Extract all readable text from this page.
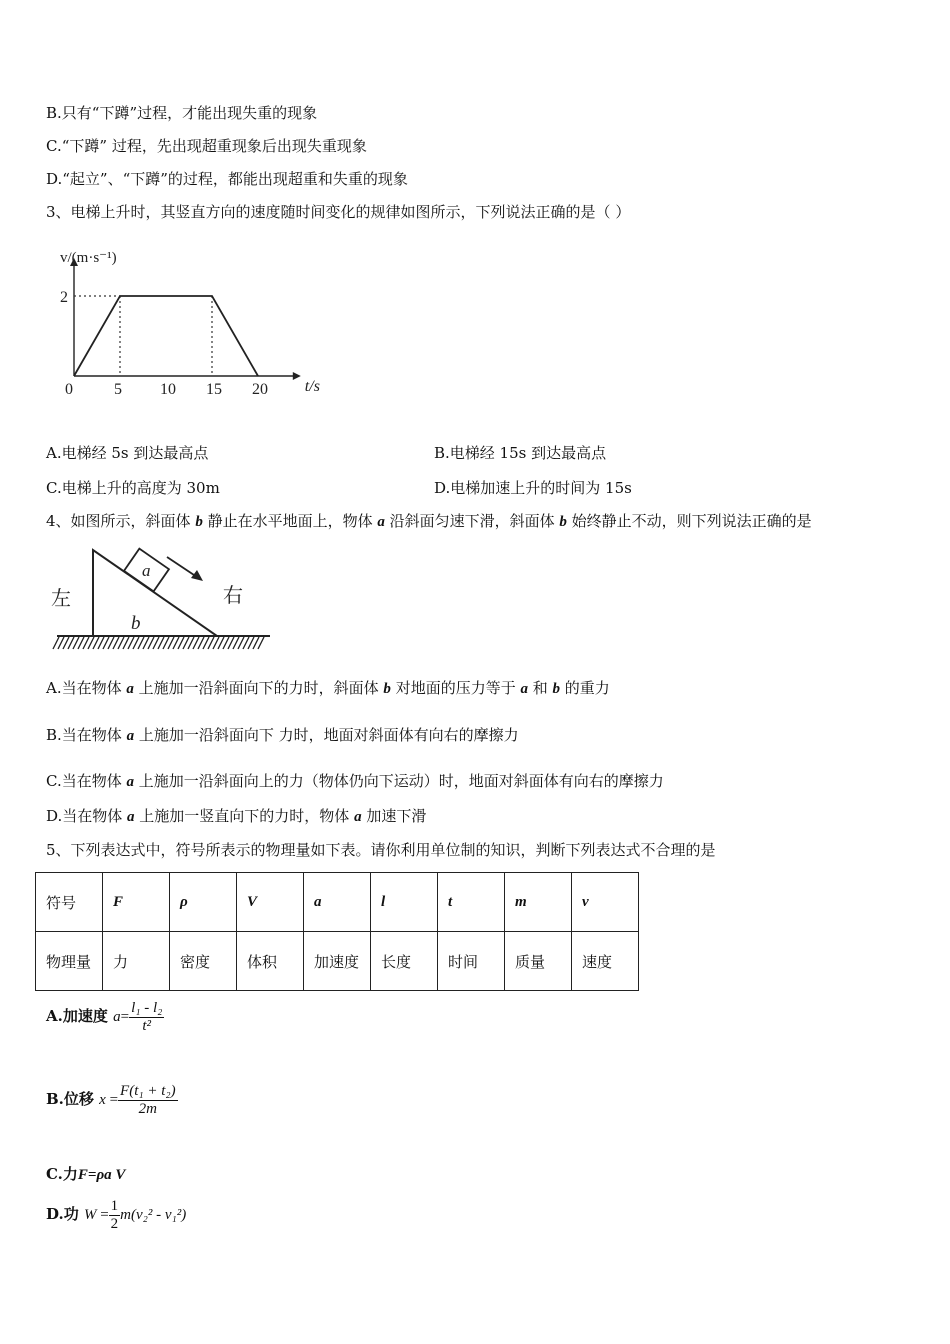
B.只有“下蹲”过程，才能出现失重的现象
C.“下蹲” 过程，先出现超重现象后出现失重现象
D.“起立”、“下蹲”的过程，都能出现超重和失重的现象
3、电梯上升时，其竖直方向的速度随时间变化的规律如图所示，下列说法正确的是（ ）
0	5 10 15 20
2
t/s
v/(m·s⁻¹)
A.电梯经 5s 到达最高点	B.电梯经 15s 到达最高点
C.电梯上升的高度为 30m	D.电梯加速上升的时间为 15s
4、如图所示，斜面体 b 静止在水平地面上，物体 a 沿斜面匀速下滑，斜面体 b 始终静止不动，则下列说法正确的是
左	右
b
a
A.当在物体 a 上施加一沿斜面向下的力时，斜面体 b 对地面的压力等于 a 和 b 的重力
B.当在物体 a 上施加一沿斜面向下 力时，地面对斜面体有向右的摩擦力
C.当在物体 a 上施加一沿斜面向上的力（物体仍向下运动）时，地面对斜面体有向右的摩擦力
D.当在物体 a 上施加一竖直向下的力时，物体 a 加速下滑
5、下列表达式中，符号所表示的物理量如下表。请你利用单位制的知识，判断下列表达式不合理的是
符号	F	ρ	V	a	l	t	m	v
物理量	力	密度	体积	加速度	长度	时间	质量	速度
A.加速度 $a= \frac{\text{l₁ - l₂}}{\text{t²}}$
B.位移 $x = \frac{\text{F(t₁ + t₂)}}{2m}$
C.力F=ρa V
D.功 $W = \frac{1}{2} m(v_2^2 - v_1^2)$
